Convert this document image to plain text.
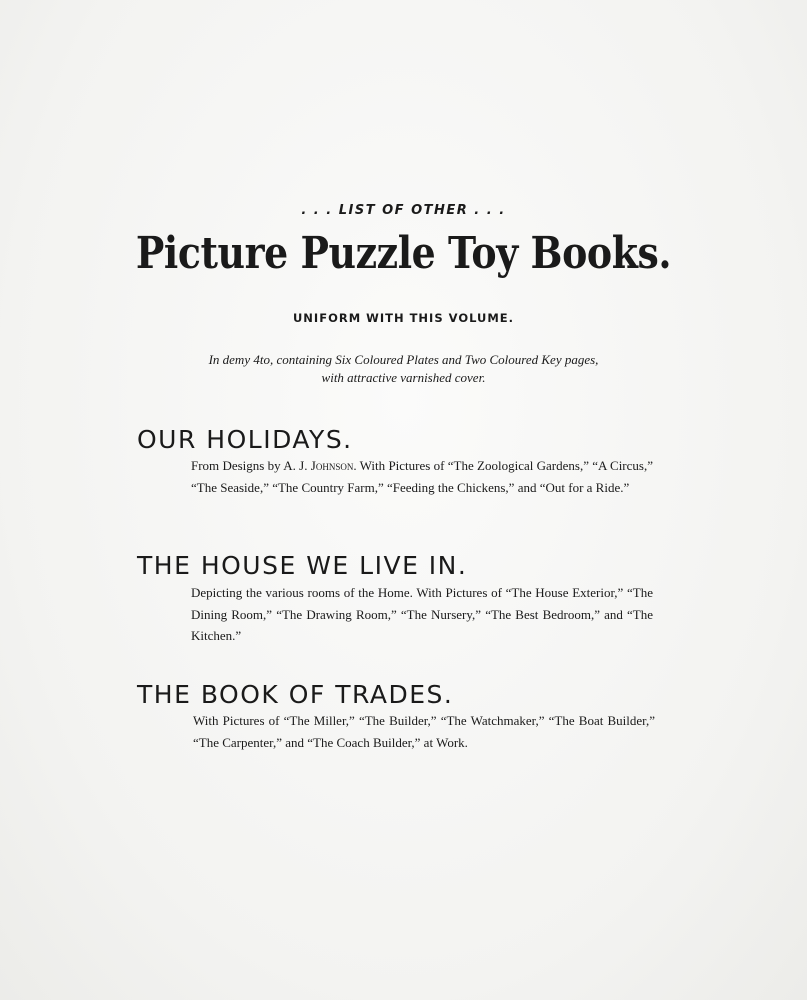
. . . LIST OF OTHER . . .
Picture Puzzle Toy Books.
UNIFORM WITH THIS VOLUME.
In demy 4to, containing Six Coloured Plates and Two Coloured Key pages,
with attractive varnished cover.
OUR HOLIDAYS.
From Designs by A. J. Johnson. With Pictures of “The Zoological Gardens,” “A Circus,” “The Seaside,” “The Country Farm,” “Feeding the Chickens,” and “Out for a Ride.”
THE HOUSE WE LIVE IN.
Depicting the various rooms of the Home. With Pictures of “The House Exterior,” “The Dining Room,” “The Drawing Room,” “The Nursery,” “The Best Bedroom,” and “The Kitchen.”
THE BOOK OF TRADES.
With Pictures of “The Miller,” “The Builder,” “The Watchmaker,” “The Boat Builder,” “The Carpenter,” and “The Coach Builder,” at Work.
